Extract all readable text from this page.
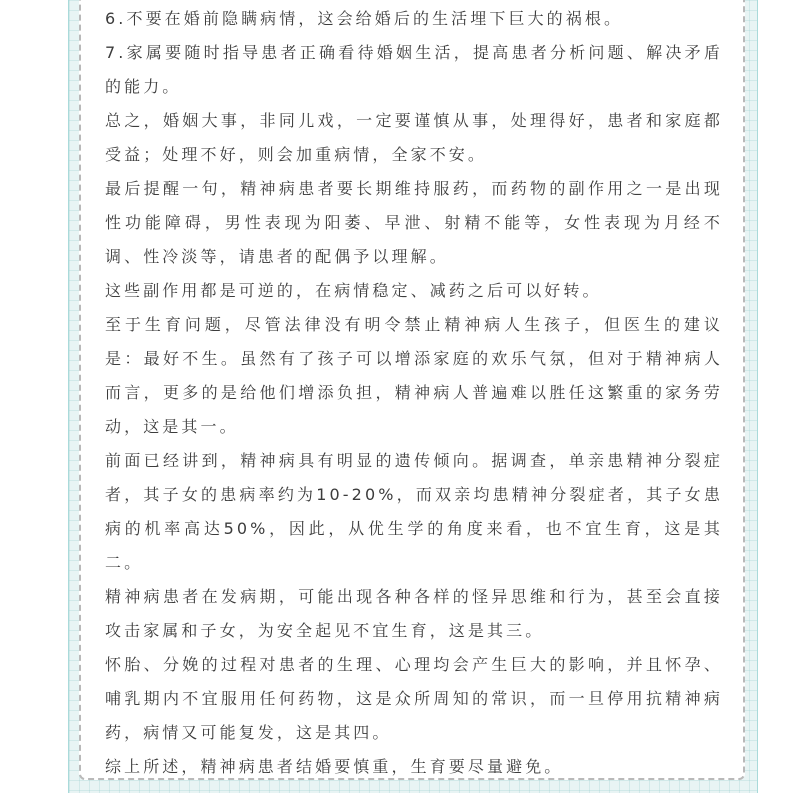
6.不要在婚前隐瞒病情，这会给婚后的生活埋下巨大的祸根。

7.家属要随时指导患者正确看待婚姻生活，提高患者分析问题、解决矛盾的能力。

总之，婚姻大事，非同儿戏，一定要谨慎从事，处理得好，患者和家庭都受益；处理不好，则会加重病情，全家不安。

最后提醒一句，精神病患者要长期维持服药，而药物的副作用之一是出现性功能障碍，男性表现为阳萎、早泄、射精不能等，女性表现为月经不调、性冷淡等，请患者的配偶予以理解。

这些副作用都是可逆的，在病情稳定、减药之后可以好转。

至于生育问题，尽管法律没有明令禁止精神病人生孩子，但医生的建议是：最好不生。虽然有了孩子可以增添家庭的欢乐气氛，但对于精神病人而言，更多的是给他们增添负担，精神病人普遍难以胜任这繁重的家务劳动，这是其一。

前面已经讲到，精神病具有明显的遗传倾向。据调查，单亲患精神分裂症者，其子女的患病率约为10-20%，而双亲均患精神分裂症者，其子女患病的机率高达50%，因此，从优生学的角度来看，也不宜生育，这是其二。

精神病患者在发病期，可能出现各种各样的怪异思维和行为，甚至会直接攻击家属和子女，为安全起见不宜生育，这是其三。

怀胎、分娩的过程对患者的生理、心理均会产生巨大的影响，并且怀孕、哺乳期内不宜服用任何药物，这是众所周知的常识，而一旦停用抗精神病药，病情又可能复发，这是其四。

综上所述，精神病患者结婚要慎重，生育要尽量避免。
